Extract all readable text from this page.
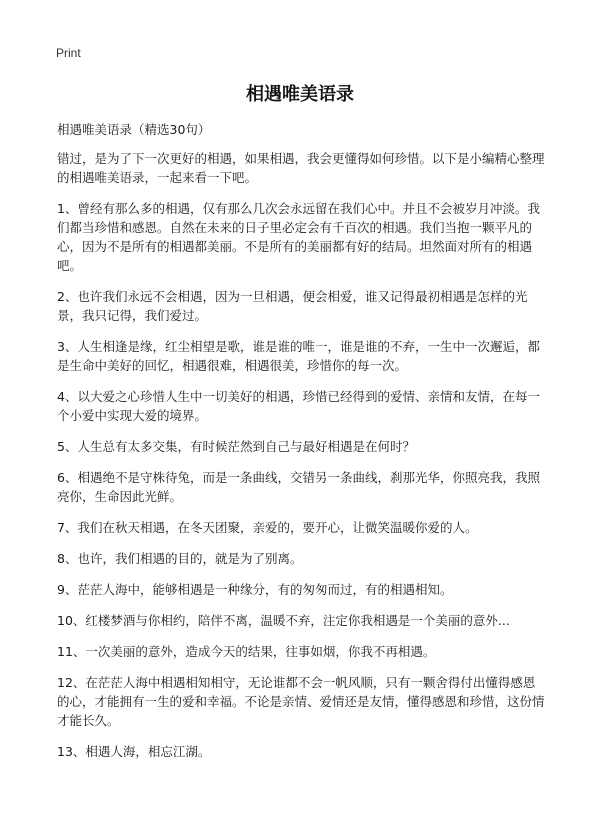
Print
相遇唯美语录

相遇唯美语录（精选30句）

错过，是为了下一次更好的相遇，如果相遇，我会更懂得如何珍惜。以下是小编精心整理的相遇唯美语录，一起来看一下吧。

1、曾经有那么多的相遇，仅有那么几次会永远留在我们心中。并且不会被岁月冲淡。我们都当珍惜和感恩。自然在未来的日子里必定会有千百次的相遇。我们当抱一颗平凡的心，因为不是所有的相遇都美丽。不是所有的美丽都有好的结局。坦然面对所有的相遇吧。

2、也许我们永远不会相遇，因为一旦相遇，便会相爱，谁又记得最初相遇是怎样的光景，我只记得，我们爱过。

3、人生相逢是缘，红尘相望是歌，谁是谁的唯一，谁是谁的不弃，一生中一次邂逅，都是生命中美好的回忆，相遇很难，相遇很美，珍惜你的每一次。

4、以大爱之心珍惜人生中一切美好的相遇，珍惜已经得到的爱情、亲情和友情，在每一个小爱中实现大爱的境界。

5、人生总有太多交集，有时候茫然到自己与最好相遇是在何时？

6、相遇绝不是守株待兔，而是一条曲线，交错另一条曲线，刹那光华，你照亮我，我照亮你，生命因此光鲜。

7、我们在秋天相遇，在冬天团聚，亲爱的，要开心，让微笑温暖你爱的人。

8、也许，我们相遇的目的，就是为了别离。

9、茫茫人海中，能够相遇是一种缘分，有的匆匆而过，有的相遇相知。

10、红楼梦酒与你相约，陪伴不离，温暖不弃，注定你我相遇是一个美丽的意外...

11、一次美丽的意外，造成今天的结果，往事如烟，你我不再相遇。

12、在茫茫人海中相遇相知相守，无论谁都不会一帆风顺，只有一颗舍得付出懂得感恩的心，才能拥有一生的爱和幸福。不论是亲情、爱情还是友情，懂得感恩和珍惜，这份情才能长久。

13、相遇人海，相忘江湖。
